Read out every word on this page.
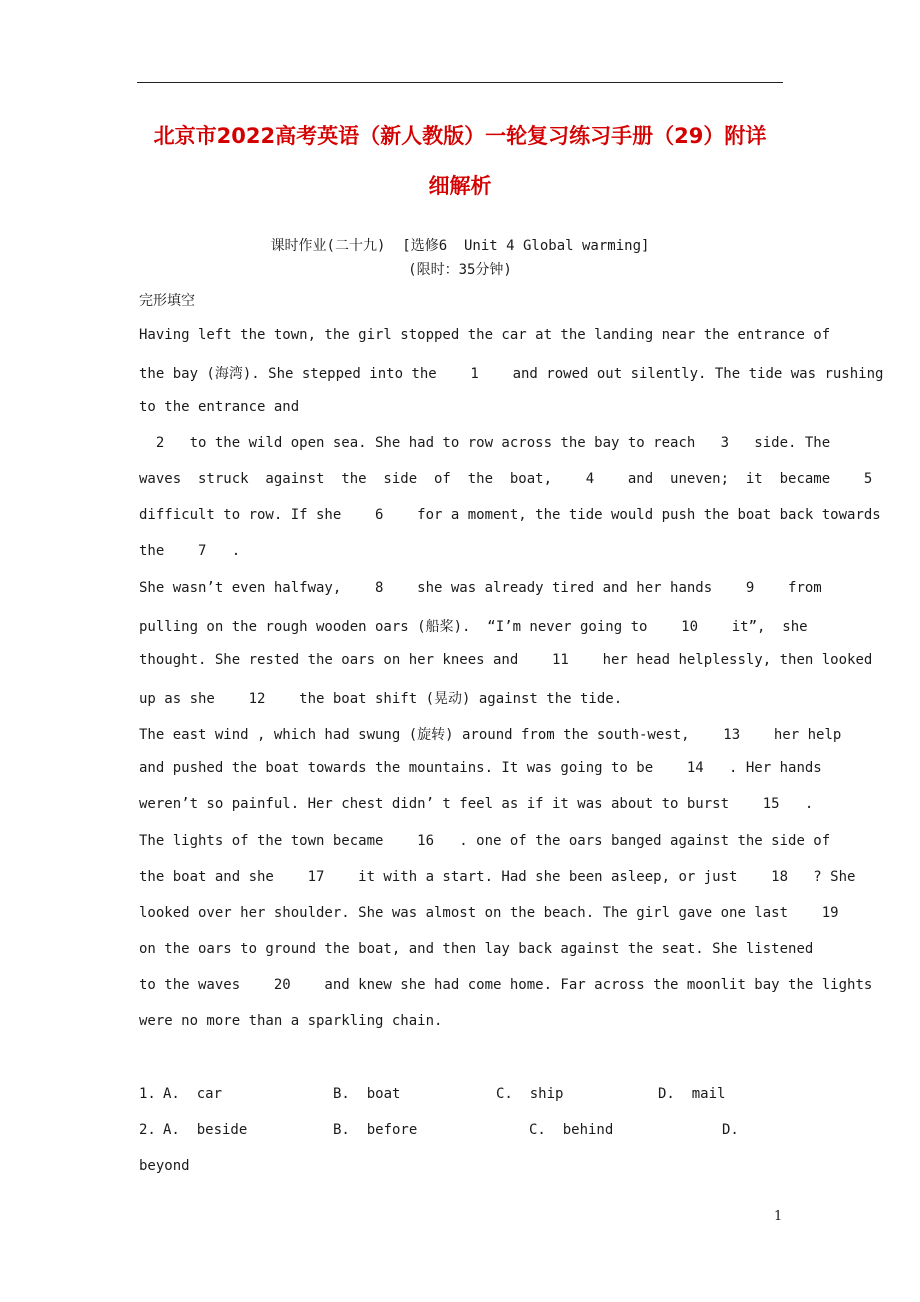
北京市2022高考英语（新人教版）一轮复习练习手册（29）附详
细解析
课时作业(二十九)  [选修6  Unit 4 Global warming]
(限时：35分钟)
完形填空
Having left the town, the girl stopped the car at the landing near the entrance of
the bay (海湾). She stepped into the    1    and rowed out silently. The tide was rushing
to the entrance and
2   to the wild open sea. She had to row across the bay to reach   3   side. The
waves  struck  against  the  side  of  the  boat,    4    and  uneven;  it  became    5
difficult to row. If she    6    for a moment, the tide would push the boat back towards
the    7   .
She wasn’t even halfway,    8    she was already tired and her hands    9    from
pulling on the rough wooden oars (船桨).  “I’m never going to    10    it”,  she
thought. She rested the oars on her knees and    11    her head helplessly, then looked
up as she    12    the boat shift (晃动) against the tide.
The east wind , which had swung (旋转) around from the south-west,    13    her help
and pushed the boat towards the mountains. It was going to be    14   . Her hands
weren’t so painful. Her chest didn’ t feel as if it was about to burst    15   .
The lights of the town became    16   . one of the oars banged against the side of
the boat and she    17    it with a start. Had she been asleep, or just    18   ? She
looked over her shoulder. She was almost on the beach. The girl gave one last    19
on the oars to ground the boat, and then lay back against the seat. She listened
to the waves    20    and knew she had come home. Far across the moonlit bay the lights
were no more than a sparkling chain.
1. A.  car	B.  boat	C.  ship	D.  mail
2. A.  beside	B.  before	C.  behind	D.
beyond
1
